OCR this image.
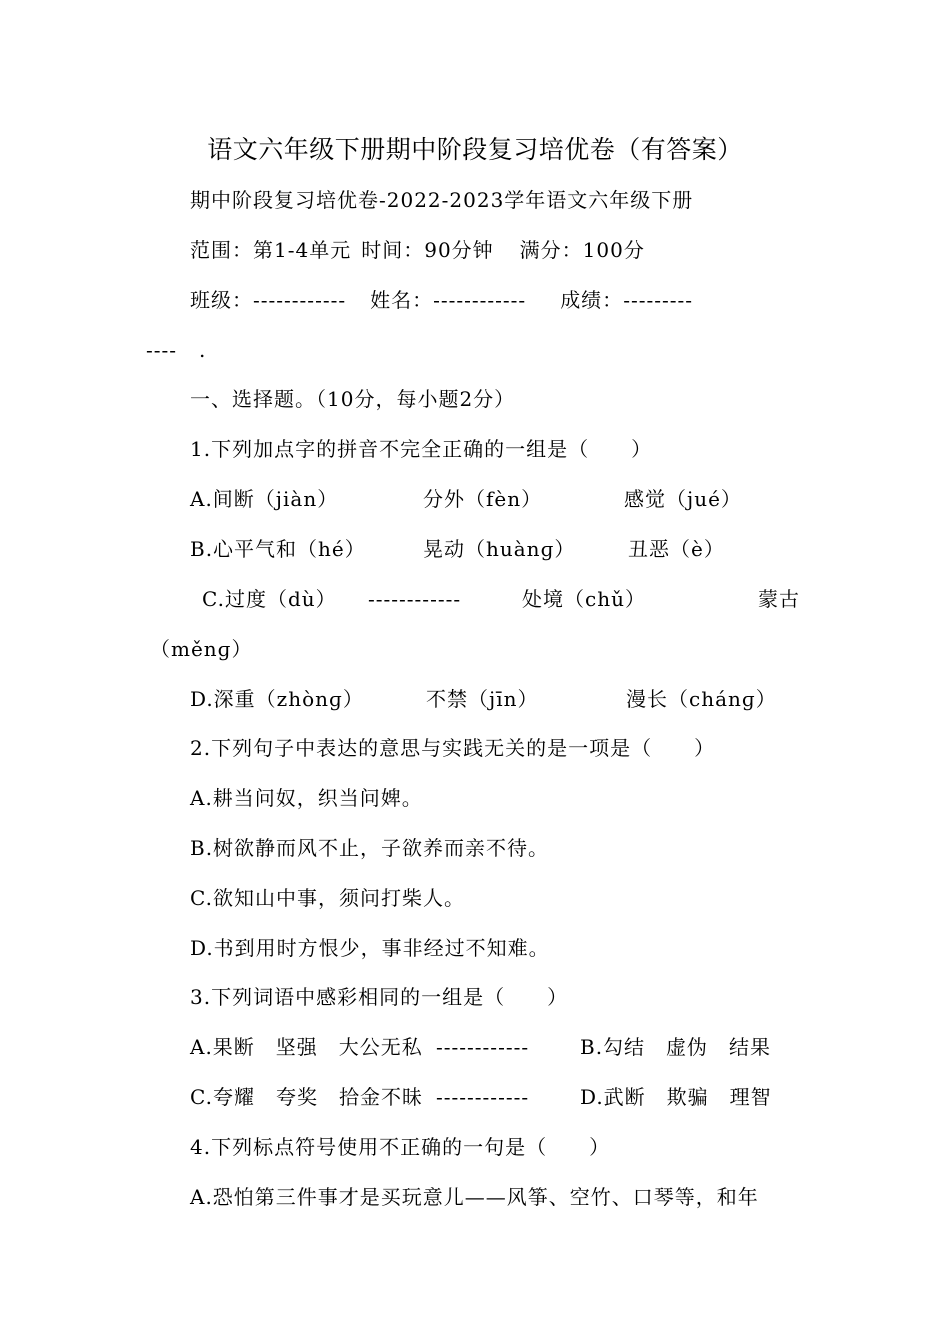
语文六年级下册期中阶段复习培优卷（有答案）
期中阶段复习培优卷-2022-2023学年语文六年级下册
范围：第1-4单元 时间：90分钟 满分：100分
班级：------------ 姓名：------------ 成绩：---------
---- .
一、选择题。（10分，每小题2分）
1.下列加点字的拼音不完全正确的一组是（　　）
A.间断（jiàn）	分外（fèn）	感觉（jué）
B.心平气和（hé）	晃动（huànɡ）	丑恶（è）
C.过度（dù） ------------	处境（chǔ）	蒙古
（měnɡ）
D.深重（zhònɡ）	不禁（jīn）	漫长（chánɡ）
2.下列句子中表达的意思与实践无关的是一项是（　　）
A.耕当问奴，织当问婢。
B.树欲静而风不止，子欲养而亲不待。
C.欲知山中事，须问打柴人。
D.书到用时方恨少，事非经过不知难。
3.下列词语中感彩相同的一组是（　　）
A.果断　坚强　大公无私 ------------	B.勾结　虚伪　结果
C.夸耀　夸奖　拾金不昧 ------------	D.武断　欺骗　理智
4.下列标点符号使用不正确的一句是（　　）
A.恐怕第三件事才是买玩意儿——风筝、空竹、口琴等，和年
